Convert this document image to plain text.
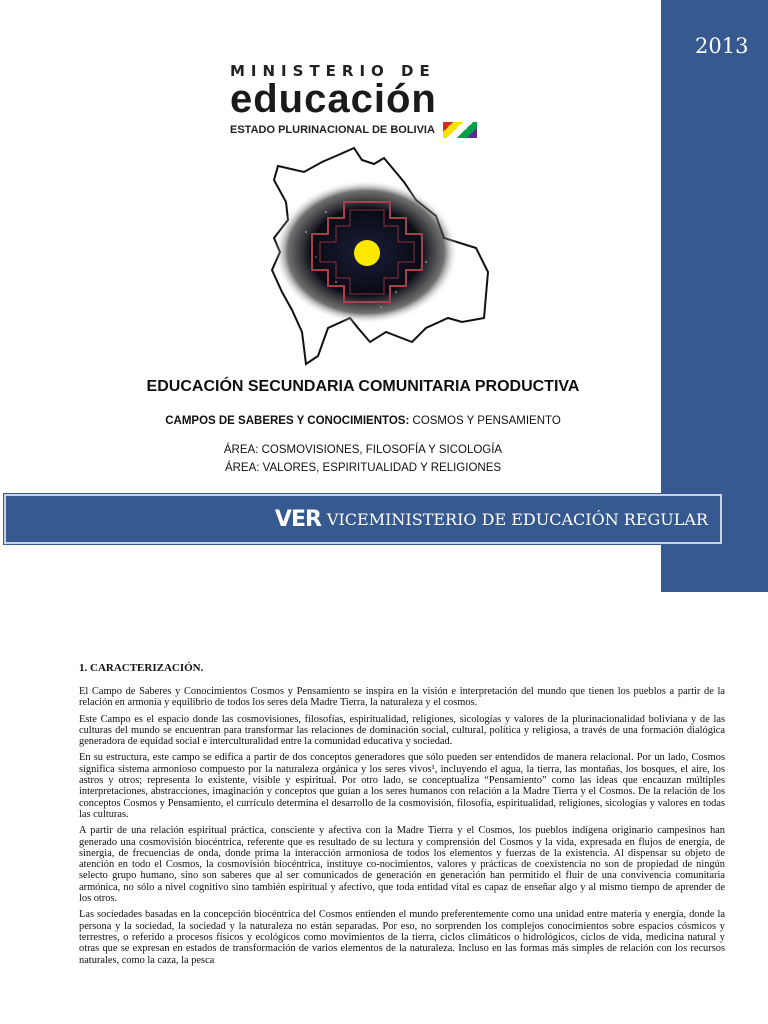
2013
MINISTERIO DE
educación
ESTADO PLURINACIONAL DE BOLIVIA
EDUCACIÓN SECUNDARIA COMUNITARIA PRODUCTIVA
CAMPOS DE SABERES Y CONOCIMIENTOS: COSMOS Y PENSAMIENTO
ÁREA: COSMOVISIONES, FILOSOFÍA Y SICOLOGÍA
ÁREA: VALORES, ESPIRITUALIDAD Y RELIGIONES
VER VICEMINISTERIO DE EDUCACIÓN REGULAR
1. CARACTERIZACIÓN.

El Campo de Saberes y Conocimientos Cosmos y Pensamiento se inspira en la visión e interpretación del mundo que tienen los pueblos a partir de la relación en armonía y equilibrio de todos los seres dela Madre Tierra, la naturaleza y el cosmos.

Este Campo es el espacio donde las cosmovisiones, filosofías, espiritualidad, religiones, sicologías y valores de la plurinacionalidad boliviana y de las culturas del mundo se encuentran para transformar las relaciones de dominación social, cultural, política y religiosa, a través de una formación dialógica generadora de equidad social e interculturalidad entre la comunidad educativa y sociedad.

En su estructura, este campo se edifica a partir de dos conceptos generadores que sólo pueden ser entendidos de manera relacional. Por un lado, Cosmos significa sistema armonioso compuesto por la naturaleza orgánica y los seres vivos¹, incluyendo el agua, la tierra, las montañas, los bosques, el aire, los astros y otros; representa lo existente, visible y espiritual. Por otro lado, se conceptualiza “Pensamiento” como las ideas que encauzan múltiples interpretaciones, abstracciones, imaginación y conceptos que guían a los seres humanos con relación a la Madre Tierra y el Cosmos. De la relación de los conceptos Cosmos y Pensamiento, el currículo determina el desarrollo de la cosmovisión, filosofía, espiritualidad, religiones, sicologías y valores en todas las culturas.

A partir de una relación espiritual práctica, consciente y afectiva con la Madre Tierra y el Cosmos, los pueblos indígena originario campesinos han generado una cosmovisión biocéntrica, referente que es resultado de su lectura y comprensión del Cosmos y la vida, expresada en flujos de energía, de sinergia, de frecuencias de onda, donde prima la interacción armoniosa de todos los elementos y fuerzas de la existencia. Al dispensar su objeto de atención en todo el Cosmos, la cosmovisión biocéntrica, instituye co-nocimientos, valores y prácticas de coexistencia no son de propiedad de ningún selecto grupo humano, sino son saberes que al ser comunicados de generación en generación han permitido el fluir de una convivencia comunitaria armónica, no sólo a nivel cognitivo sino también espiritual y afectivo, que toda entidad vital es capaz de enseñar algo y al mismo tiempo de aprender de los otros.

Las sociedades basadas en la concepción biocéntrica del Cosmos entienden el mundo preferentemente como una unidad entre materia y energía, donde la persona y la sociedad, la sociedad y la naturaleza no están separadas. Por eso, no sorprenden los complejos conocimientos sobre espacios cósmicos y terrestres, o referido a procesos físicos y ecológicos como movimientos de la tierra, ciclos climáticos o hidrológicos, ciclos de vida, medicina natural y otras que se expresan en estados de transformación de varios elementos de la naturaleza. Incluso en las formas más simples de relación con los recursos naturales, como la caza, la pesca
